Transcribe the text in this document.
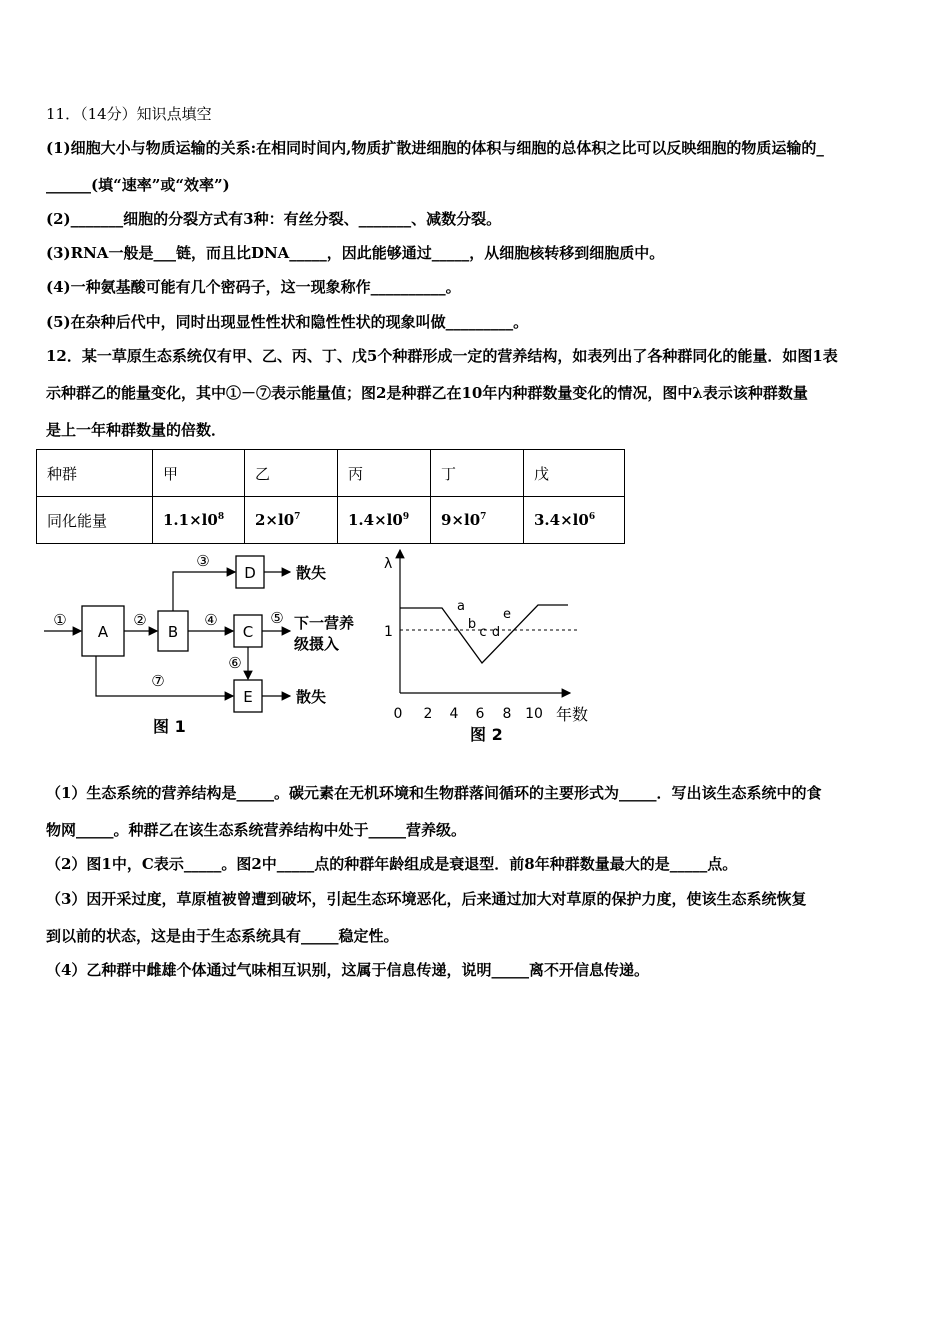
11．（14分）知识点填空
(1)细胞大小与物质运输的关系:在相同时间内,物质扩散进细胞的体积与细胞的总体积之比可以反映细胞的物质运输的_
______(填“速率”或“效率”)
(2)_______细胞的分裂方式有3种：有丝分裂、_______、减数分裂。
(3)RNA一般是___链，而且比DNA_____，因此能够通过_____，从细胞核转移到细胞质中。
(4)一种氨基酸可能有几个密码子，这一现象称作__________。
(5)在杂种后代中，同时出现显性性状和隐性性状的现象叫做_________。
12．某一草原生态系统仅有甲、乙、丙、丁、戊5个种群形成一定的营养结构，如表列出了各种群同化的能量．如图1表
示种群乙的能量变化，其中①－⑦表示能量值；图2是种群乙在10年内种群数量变化的情况，图中λ表示该种群数量
是上一年种群数量的倍数．
种群	甲	乙	丙	丁	戊
同化能量	$1.1\times l0^8$	$2\times l0^7$	$1.4\times l0^9$	$9\times l0^7$	$3.4\times l0^6$
A	B	C
D
E
①	②
③
④	⑤
⑥
⑦
散失
散失
下一营养
级摄入
图 1
λ
1
0 2 4 6 8 10 年数
a
b
c d
e
图 2
（1）生态系统的营养结构是_____。碳元素在无机环境和生物群落间循环的主要形式为_____．写出该生态系统中的食
物网_____。种群乙在该生态系统营养结构中处于_____营养级。
（2）图1中，C表示_____。图2中_____点的种群年龄组成是衰退型．前8年种群数量最大的是_____点。
（3）因开采过度，草原植被曾遭到破坏，引起生态环境恶化，后来通过加大对草原的保护力度，使该生态系统恢复
到以前的状态，这是由于生态系统具有_____稳定性。
（4）乙种群中雌雄个体通过气味相互识别，这属于信息传递，说明_____离不开信息传递。
